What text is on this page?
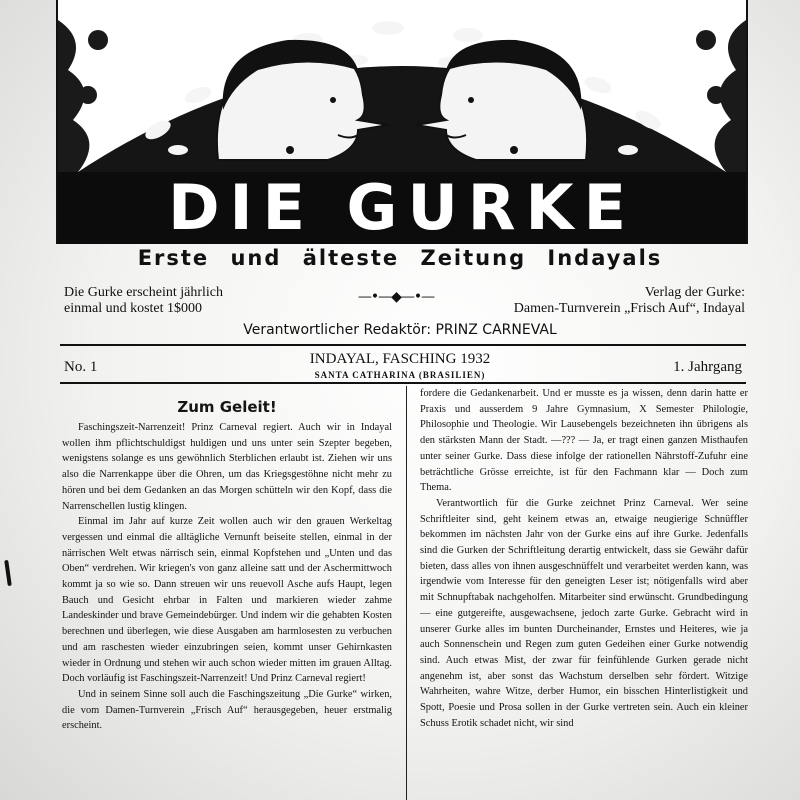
DIE GURKE
Erste und älteste Zeitung Indayals
Die Gurke erscheint jährlich
einmal und kostet 1$000
—•—◆—•—	Verlag der Gurke:
Damen-Turnverein „Frisch Auf“, Indayal
Verantwortlicher Redaktör: PRINZ CARNEVAL
No. 1	INDAYAL, FASCHING 1932
SANTA CATHARINA (BRASILIEN)	1. Jahrgang
Zum Geleit!

Faschingszeit-Narrenzeit! Prinz Carneval regiert. Auch wir in Indayal wollen ihm pflichtschuldigst huldigen und uns unter sein Szepter begeben, wenigstens solange es uns gewöhnlich Sterblichen erlaubt ist. Ziehen wir uns also die Narrenkappe über die Ohren, um das Kriegsgestöhne nicht mehr zu hören und bei dem Gedanken an das Morgen schütteln wir den Kopf, dass die Narrenschellen lustig klingen.

Einmal im Jahr auf kurze Zeit wollen auch wir den grauen Werkeltag vergessen und einmal die alltägliche Vernunft beiseite stellen, einmal in der närrischen Welt etwas närrisch sein, einmal Kopfstehen und „Unten und das Oben“ verdrehen. Wir kriegen's von ganz alleine satt und der Aschermittwoch kommt ja so wie so. Dann streuen wir uns reuevoll Asche aufs Haupt, legen Bauch und Gesicht ehrbar in Falten und markieren wieder zahme Landeskinder und brave Gemeindebürger. Und indem wir die gehabten Kosten berechnen und überlegen, wie diese Ausgaben am harmlosesten zu verbuchen und am raschesten wieder einzubringen seien, kommt unser Gehirnkasten wieder in Ordnung und stehen wir auch schon wieder mitten im grauen Alltag. Doch vorläufig ist Faschingszeit-Narrenzeit! Und Prinz Carneval regiert!

Und in seinem Sinne soll auch die Faschingszeitung „Die Gurke“ wirken, die vom Damen-Turnverein „Frisch Auf“ herausgegeben, heuer erstmalig erscheint.

fordere die Gedankenarbeit. Und er musste es ja wissen, denn darin hatte er Praxis und ausserdem 9 Jahre Gymnasium, X Semester Philologie, Philosophie und Theologie. Wir Lausebengels bezeichneten ihn übrigens als den stärksten Mann der Stadt. —??? — Ja, er tragt einen ganzen Misthaufen unter seiner Gurke. Dass diese infolge der rationellen Nährstoff-Zufuhr eine beträchtliche Grösse erreichte, ist für den Fachmann klar — Doch zum Thema.

Verantwortlich für die Gurke zeichnet Prinz Carneval. Wer seine Schriftleiter sind, geht keinem etwas an, etwaige neugierige Schnüffler bekommen im nächsten Jahr von der Gurke eins auf ihre Gurke. Jedenfalls sind die Gurken der Schriftleitung derartig entwickelt, dass sie Gewähr dafür bieten, dass alles von ihnen ausgeschnüffelt und verarbeitet werden kann, was irgendwie vom Interesse für den geneigten Leser ist; nötigenfalls wird aber mit Schnupftabak nachgeholfen. Mitarbeiter sind erwünscht. Grundbedingung — eine gutgereifte, ausgewachsene, jedoch zarte Gurke. Gebracht wird in unserer Gurke alles im bunten Durcheinander, Ernstes und Heiteres, wie ja auch Sonnenschein und Regen zum guten Gedeihen einer Gurke notwendig sind. Auch etwas Mist, der zwar für feinfühlende Gurken gerade nicht angenehm ist, aber sonst das Wachstum derselben sehr fördert. Witzige Wahrheiten, wahre Witze, derber Humor, ein bisschen Hinterlistigkeit und Spott, Poesie und Prosa sollen in der Gurke vertreten sein. Auch ein kleiner Schuss Erotik schadet nicht, wir sind
